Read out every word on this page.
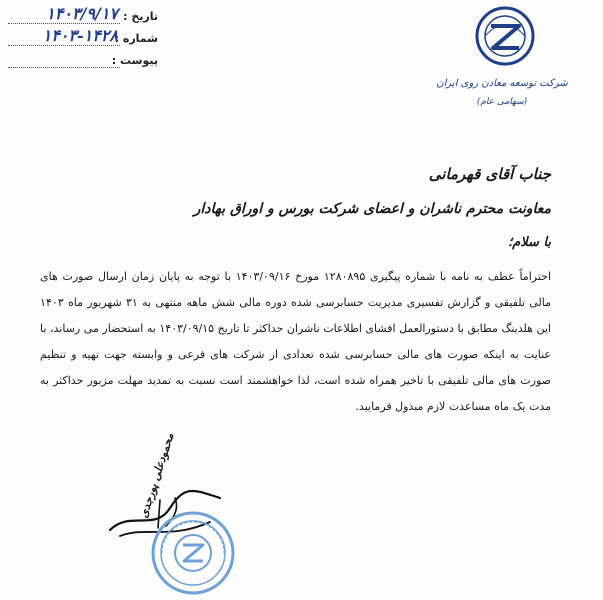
تاریخ :
۱۴۰۳/۹/۱۷
شماره :
۱۴۰۳-۱۴۲۸
پیوست :
شرکت توسعه معادن روی ایران
(سهامی عام)

جناب آقای قهرمانی

معاونت محترم ناشران و اعضای شرکت بورس و اوراق بهادار

با سلام؛

احتراماً عطف به نامه با شماره پیگیری ۱۲۸۰۸۹۵ مورخ ۱۴۰۳/۰۹/۱۶ با توجه به پایان زمان ارسال صورت های مالی تلفیقی و گزارش تفسیری مدیریت حسابرسی شده دوره مالی شش ماهه منتهی به ۳۱ شهریور ماه ۱۴۰۳ این هلدینگ مطابق با دستورالعمل افشای اطلاعات ناشران حداکثر تا تاریخ ۱۴۰۳/۰۹/۱۵ به استحضار می رساند، با عنایت به اینکه صورت های مالی حسابرسی شده تعدادی از شرکت های فرعی و وابسته جهت تهیه و تنظیم صورت های مالی تلفیقی با تاخیر همراه شده است، لذا خواهشمند است نسبت به تمدید مهلت مزبور حداکثر به مدت یک ماه مساعدت لازم مبذول فرمایید.

محمودعلی پورجدی
